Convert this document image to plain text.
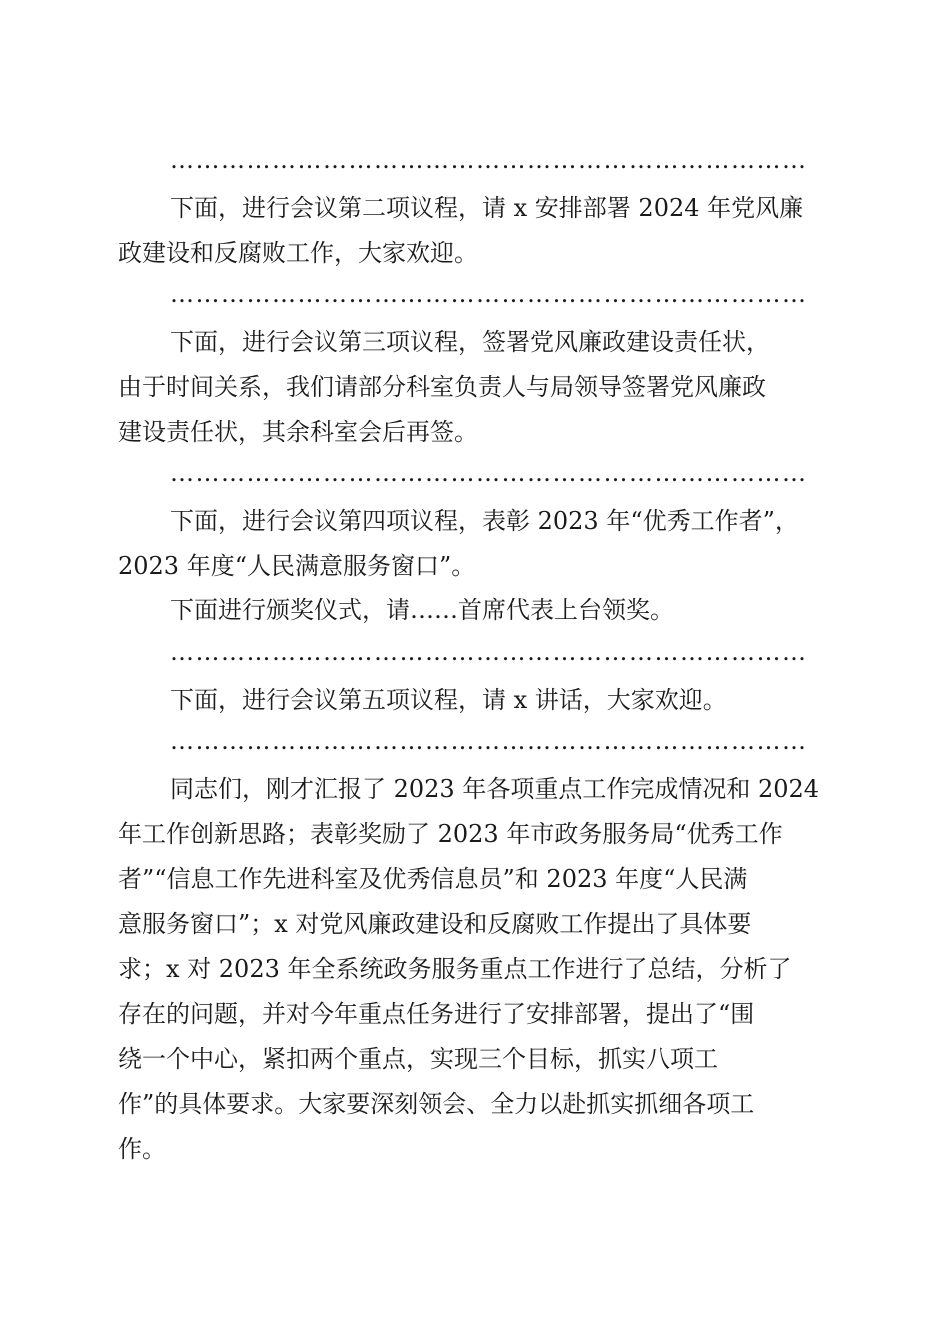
…………………………………………………………………
下面，进行会议第二项议程，请 x 安排部署 2024 年党风廉
政建设和反腐败工作，大家欢迎。
…………………………………………………………………
下面，进行会议第三项议程，签署党风廉政建设责任状，
由于时间关系，我们请部分科室负责人与局领导签署党风廉政
建设责任状，其余科室会后再签。
…………………………………………………………………
下面，进行会议第四项议程，表彰 2023 年“优秀工作者”，
2023 年度“人民满意服务窗口”。
下面进行颁奖仪式，请……首席代表上台领奖。
…………………………………………………………………
下面，进行会议第五项议程，请 x 讲话，大家欢迎。
…………………………………………………………………
同志们，刚才汇报了 2023 年各项重点工作完成情况和 2024
年工作创新思路；表彰奖励了 2023 年市政务服务局“优秀工作
者”“信息工作先进科室及优秀信息员”和 2023 年度“人民满
意服务窗口”；x 对党风廉政建设和反腐败工作提出了具体要
求；x 对 2023 年全系统政务服务重点工作进行了总结，分析了
存在的问题，并对今年重点任务进行了安排部署，提出了“围
绕一个中心，紧扣两个重点，实现三个目标，抓实八项工
作”的具体要求。大家要深刻领会、全力以赴抓实抓细各项工
作。
